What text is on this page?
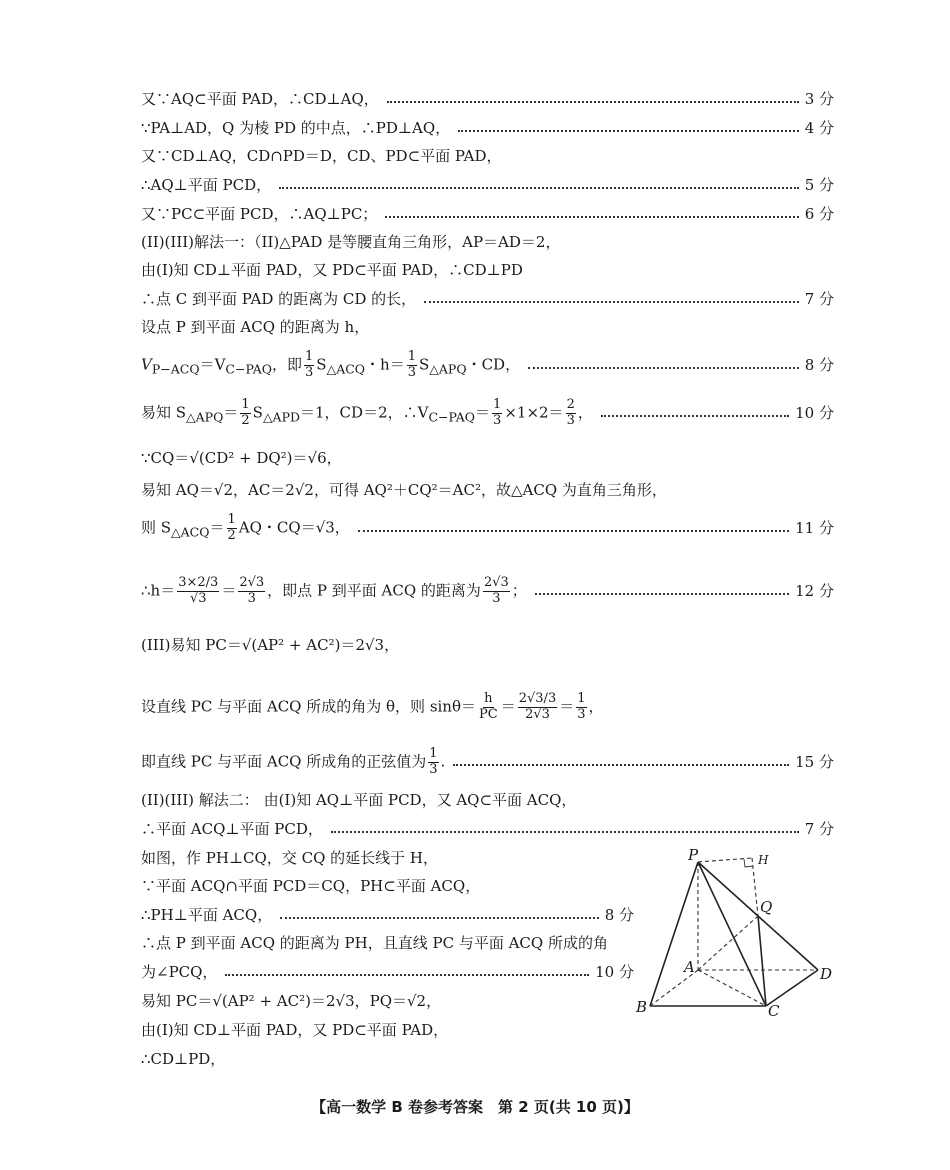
又∵AQ⊂平面 PAD，∴CD⊥AQ，	3 分
∵PA⊥AD，Q 为棱 PD 的中点，∴PD⊥AQ，	4 分
又∵CD⊥AQ，CD∩PD＝D，CD、PD⊂平面 PAD，
∴AQ⊥平面 PCD，	5 分
又∵PC⊂平面 PCD，∴AQ⊥PC；	6 分
(II)(III)解法一：（II)△PAD 是等腰直角三角形，AP＝AD＝2，
由(I)知 CD⊥平面 PAD，又 PD⊂平面 PAD，∴CD⊥PD
∴点 C 到平面 PAD 的距离为 CD 的长，	7 分
设点 P 到平面 ACQ 的距离为 h，
$V_{P-ACQ}=V_{C-PAQ}$，即 $\frac{1}{3} S_{\triangle ACQ}$・$h= \frac{1}{3} S_{\triangle APQ}$・CD，	8 分
易知 $S_{\triangle APQ}= \frac{1}{2} S_{\triangle APD}=1$，CD＝2，$\therefore V_{C-PAQ}= \frac{1}{3} \times 1\times 2= \frac{2}{3}$ ，	10 分
∵CQ＝√(CD² + DQ²)＝√6，
易知 AQ＝√2，AC＝2√2，可得 AQ²＋CQ²＝AC²，故△ACQ 为直角三角形，
则 $S_{\triangle ACQ}= \frac{1}{2}$ AQ・CQ＝√3，	11 分
∴h＝ $\frac{3\times 2/3}{√3} = \frac{2√3}{3}$ ，即点 P 到平面 ACQ 的距离为 $\frac{2√3}{3}$ ；	12 分
(III)易知 PC＝√(AP² + AC²)＝2√3，
设直线 PC 与平面 ACQ 所成的角为 θ，则 $\sin\theta= \frac{h}{PC} = \frac{2√3/3}{2√3} = \frac{1}{3}$ ，
即直线 PC 与平面 ACQ 所成角的正弦值为 $\frac{1}{3}$ .	15 分
(II)(III) 解法二： 由(I)知 AQ⊥平面 PCD，又 AQ⊂平面 ACQ，
∴平面 ACQ⊥平面 PCD，	7 分
如图，作 PH⊥CQ，交 CQ 的延长线于 H，
∵平面 ACQ∩平面 PCD＝CQ，PH⊂平面 ACQ，
∴PH⊥平面 ACQ，	8 分
∴点 P 到平面 ACQ 的距离为 PH，且直线 PC 与平面 ACQ 所成的角
为∠PCQ，	10 分
易知 PC＝√(AP² + AC²)＝2√3，PQ＝√2，
由(I)知 CD⊥平面 PAD，又 PD⊂平面 PAD，
∴CD⊥PD，
P	H
Q
A	D
B	C
【高一数学 B 卷参考答案　第 2 页(共 10 页)】
